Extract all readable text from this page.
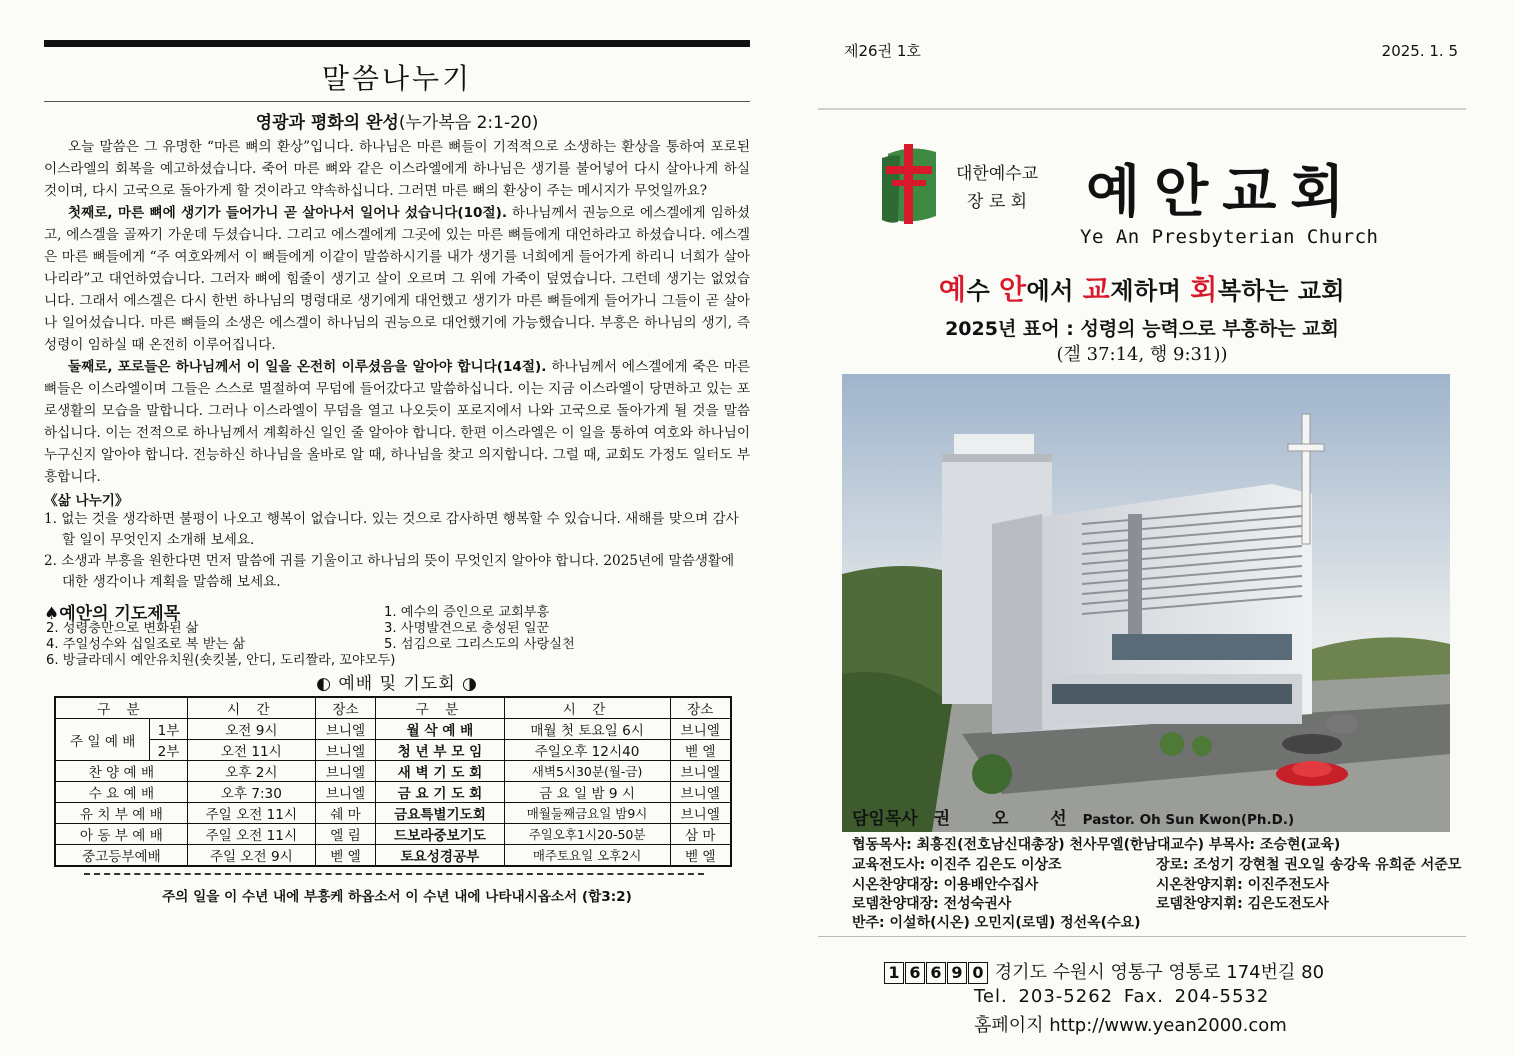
말씀나누기
영광과 평화의 완성(누가복음 2:1-20)

오늘 말씀은 그 유명한 “마른 뼈의 환상”입니다. 하나님은 마른 뼈들이 기적적으로 소생하는 환상을 통하여 포로된 이스라엘의 회복을 예고하셨습니다. 죽어 마른 뼈와 같은 이스라엘에게 하나님은 생기를 불어넣어 다시 살아나게 하실 것이며, 다시 고국으로 돌아가게 할 것이라고 약속하십니다. 그러면 마른 뼈의 환상이 주는 메시지가 무엇일까요?

첫째로, 마른 뼈에 생기가 들어가니 곧 살아나서 일어나 섰습니다(10절). 하나님께서 권능으로 에스겔에게 임하셨고, 에스겔을 골짜기 가운데 두셨습니다. 그리고 에스겔에게 그곳에 있는 마른 뼈들에게 대언하라고 하셨습니다. 에스겔은 마른 뼈들에게 “주 여호와께서 이 뼈들에게 이같이 말씀하시기를 내가 생기를 너희에게 들어가게 하리니 너희가 살아나리라”고 대언하였습니다. 그러자 뼈에 힘줄이 생기고 살이 오르며 그 위에 가죽이 덮였습니다. 그런데 생기는 없었습니다. 그래서 에스겔은 다시 한번 하나님의 명령대로 생기에게 대언했고 생기가 마른 뼈들에게 들어가니 그들이 곧 살아나 일어섰습니다. 마른 뼈들의 소생은 에스겔이 하나님의 권능으로 대언했기에 가능했습니다. 부흥은 하나님의 생기, 즉 성령이 임하실 때 온전히 이루어집니다.

둘째로, 포로들은 하나님께서 이 일을 온전히 이루셨음을 알아야 합니다(14절). 하나님께서 에스겔에게 죽은 마른 뼈들은 이스라엘이며 그들은 스스로 멸절하여 무덤에 들어갔다고 말씀하십니다. 이는 지금 이스라엘이 당면하고 있는 포로생활의 모습을 말합니다. 그러나 이스라엘이 무덤을 열고 나오듯이 포로지에서 나와 고국으로 돌아가게 될 것을 말씀하십니다. 이는 전적으로 하나님께서 계획하신 일인 줄 알아야 합니다. 한편 이스라엘은 이 일을 통하여 여호와 하나님이 누구신지 알아야 합니다. 전능하신 하나님을 올바로 알 때, 하나님을 찾고 의지합니다. 그럴 때, 교회도 가정도 일터도 부흥합니다.

《삶 나누기》
1. 없는 것을 생각하면 불평이 나오고 행복이 없습니다. 있는 것으로 감사하면 행복할 수 있습니다. 새해를 맞으며 감사할 일이 무엇인지 소개해 보세요.
2. 소생과 부흥을 원한다면 먼저 말씀에 귀를 기울이고 하나님의 뜻이 무엇인지 알아야 합니다. 2025년에 말씀생활에 대한 생각이나 계획을 말씀해 보세요.
♠예안의 기도제목	1. 예수의 증인으로 교회부흥
2. 성령충만으로 변화된 삶	3. 사명발견으로 충성된 일꾼
4. 주일성수와 십일조로 복 받는 삶	5. 섬김으로 그리스도의 사랑실천
6. 방글라데시 예안유치원(숏킷볼, 안디, 도리짤라, 꼬야모두)
◐ 예배 및 기도회 ◑
구 분		시 간	장소	구 분	시 간	장소
주 일 예 배	1부	오전 9시	브니엘	월 삭 예 배	매월 첫 토요일 6시	브니엘
	2부	오전 11시	브니엘	청 년 부 모 임	주일오후 12시40	벧 엘
찬 양 예 배		오후 2시	브니엘	새 벽 기 도 회	새벽5시30분(월-금)	브니엘
수 요 예 배		오후 7:30	브니엘	금 요 기 도 회	금 요 일 밤 9 시	브니엘
유 치 부 예 배		주일 오전 11시	쉐 마	금요특별기도회	매월둘째금요일 밤9시	브니엘
아 동 부 예 배		주일 오전 11시	엘 림	드보라중보기도	주일오후1시20-50분	삼 마
중고등부예배		주일 오전 9시	벧 엘	토요성경공부	매주토요일 오후2시	벧 엘
주의 일을 이 수년 내에 부흥케 하옵소서 이 수년 내에 나타내시옵소서 (합3:2)
제26권 1호	2025. 1. 5
대한예수교
장 로 회 예안교회
Ye An Presbyterian Church
예수 안에서 교제하며 회복하는 교회
2025년 표어 : 성령의 능력으로 부흥하는 교회
(겔 37:14, 행 9:31))
담임목사 권 오 선 Pastor. Oh Sun Kwon(Ph.D.)
협동목사: 최흥진(전호남신대총장) 천사무엘(한남대교수) 부목사: 조승현(교육)
교육전도사: 이진주 김은도 이상조	장로: 조성기 강현철 권오일 송강욱 유희준 서준모
시온찬양대장: 이용배안수집사	시온찬양지휘: 이진주전도사
로뎀찬양대장: 전성숙권사	로뎀찬양지휘: 김은도전도사
반주: 이설하(시온) 오민지(로뎀) 정선옥(수요)
1 6 6 9 0 경기도 수원시 영통구 영통로 174번길 80
Tel. 203-5262 Fax. 204-5532
홈페이지 http://www.yean2000.com
